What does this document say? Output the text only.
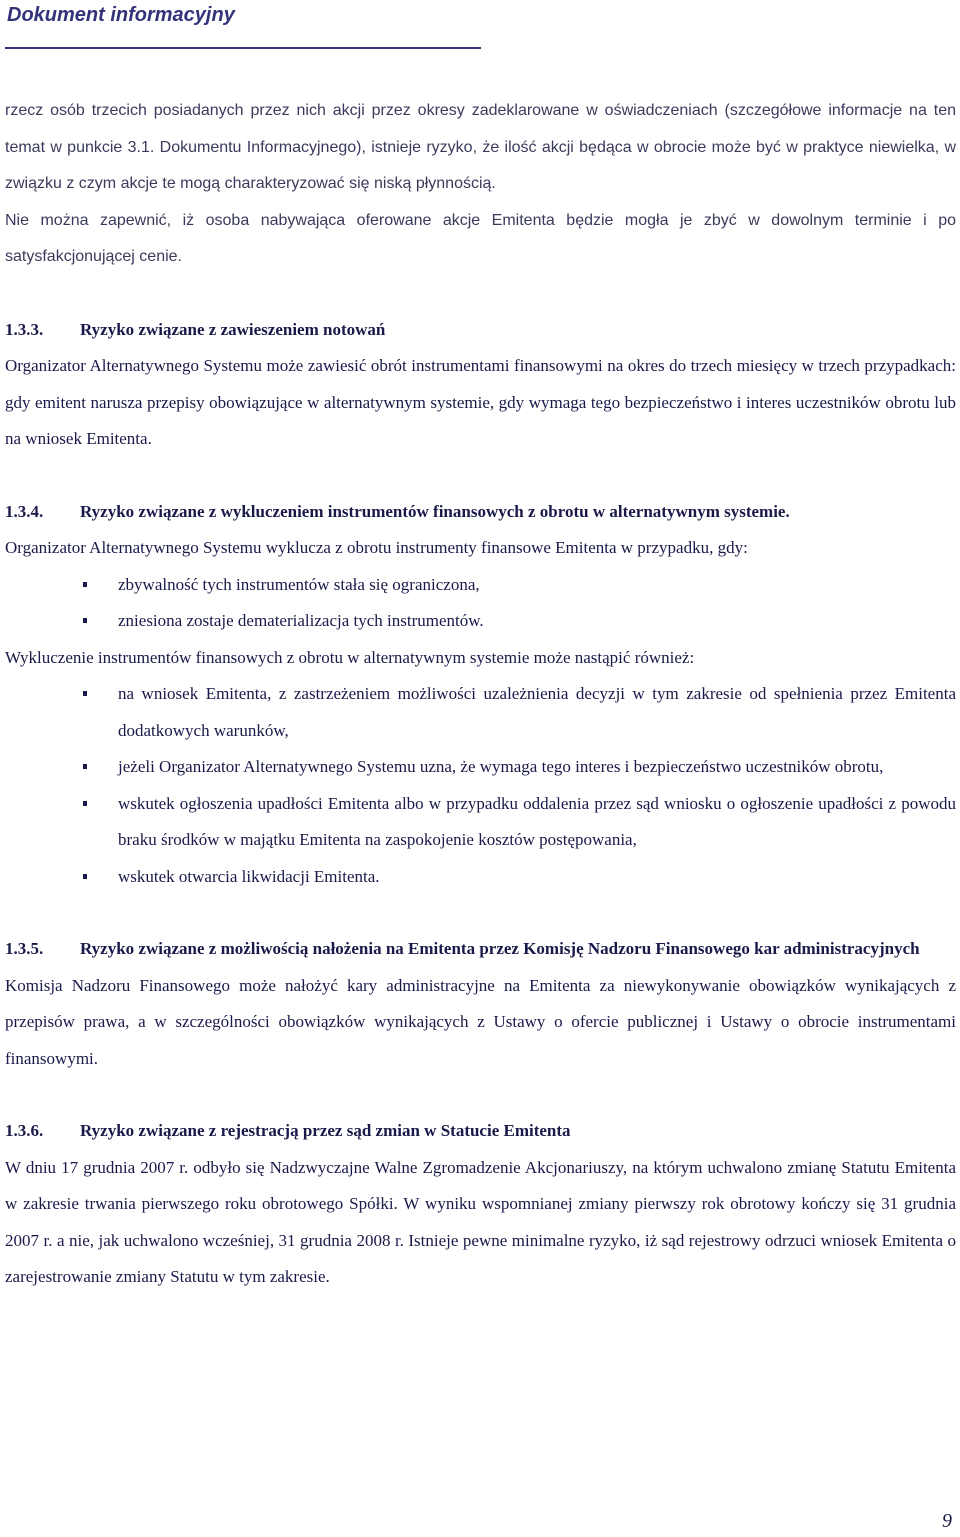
Dokument informacyjny

rzecz osób trzecich posiadanych przez nich akcji przez okresy zadeklarowane w oświadczeniach (szczegółowe informacje na ten temat w punkcie 3.1. Dokumentu Informacyjnego), istnieje ryzyko, że ilość akcji będąca w obrocie może być w praktyce niewielka, w związku z czym akcje te mogą charakteryzować się niską płynnością.

Nie można zapewnić, iż osoba nabywająca oferowane akcje Emitenta będzie mogła je zbyć w dowolnym terminie i po satysfakcjonującej cenie.

1.3.3.	Ryzyko związane z zawieszeniem notowań

Organizator Alternatywnego Systemu może zawiesić obrót instrumentami finansowymi na okres do trzech miesięcy w trzech przypadkach: gdy emitent narusza przepisy obowiązujące w alternatywnym systemie, gdy wymaga tego bezpieczeństwo i interes uczestników obrotu lub na wniosek Emitenta.

1.3.4.	Ryzyko związane z wykluczeniem instrumentów finansowych z obrotu w alternatywnym systemie.

Organizator Alternatywnego Systemu wyklucza z obrotu instrumenty finansowe Emitenta w przypadku, gdy:

zbywalność tych instrumentów stała się ograniczona,
zniesiona zostaje dematerializacja tych instrumentów.

Wykluczenie instrumentów finansowych z obrotu w alternatywnym systemie może nastąpić również:

na wniosek Emitenta, z zastrzeżeniem możliwości uzależnienia decyzji w tym zakresie od spełnienia przez Emitenta dodatkowych warunków,
jeżeli Organizator Alternatywnego Systemu uzna, że wymaga tego interes i bezpieczeństwo uczestników obrotu,
wskutek ogłoszenia upadłości Emitenta albo w przypadku oddalenia przez sąd wniosku o ogłoszenie upadłości z powodu braku środków w majątku Emitenta na zaspokojenie kosztów postępowania,
wskutek otwarcia likwidacji Emitenta.
1.3.5.	Ryzyko związane z możliwością nałożenia na Emitenta przez Komisję Nadzoru Finansowego kar administracyjnych

Komisja Nadzoru Finansowego może nałożyć kary administracyjne na Emitenta za niewykonywanie obowiązków wynikających z przepisów prawa, a w szczególności obowiązków wynikających z Ustawy o ofercie publicznej i Ustawy o obrocie instrumentami finansowymi.

1.3.6.	Ryzyko związane z rejestracją przez sąd zmian w Statucie Emitenta

W dniu 17 grudnia 2007 r. odbyło się Nadzwyczajne Walne Zgromadzenie Akcjonariuszy, na którym uchwalono zmianę Statutu Emitenta w zakresie trwania pierwszego roku obrotowego Spółki. W wyniku wspomnianej zmiany pierwszy rok obrotowy kończy się 31 grudnia 2007 r. a nie, jak uchwalono wcześniej, 31 grudnia 2008 r. Istnieje pewne minimalne ryzyko, iż sąd rejestrowy odrzuci wniosek Emitenta o zarejestrowanie zmiany Statutu w tym zakresie.

9
